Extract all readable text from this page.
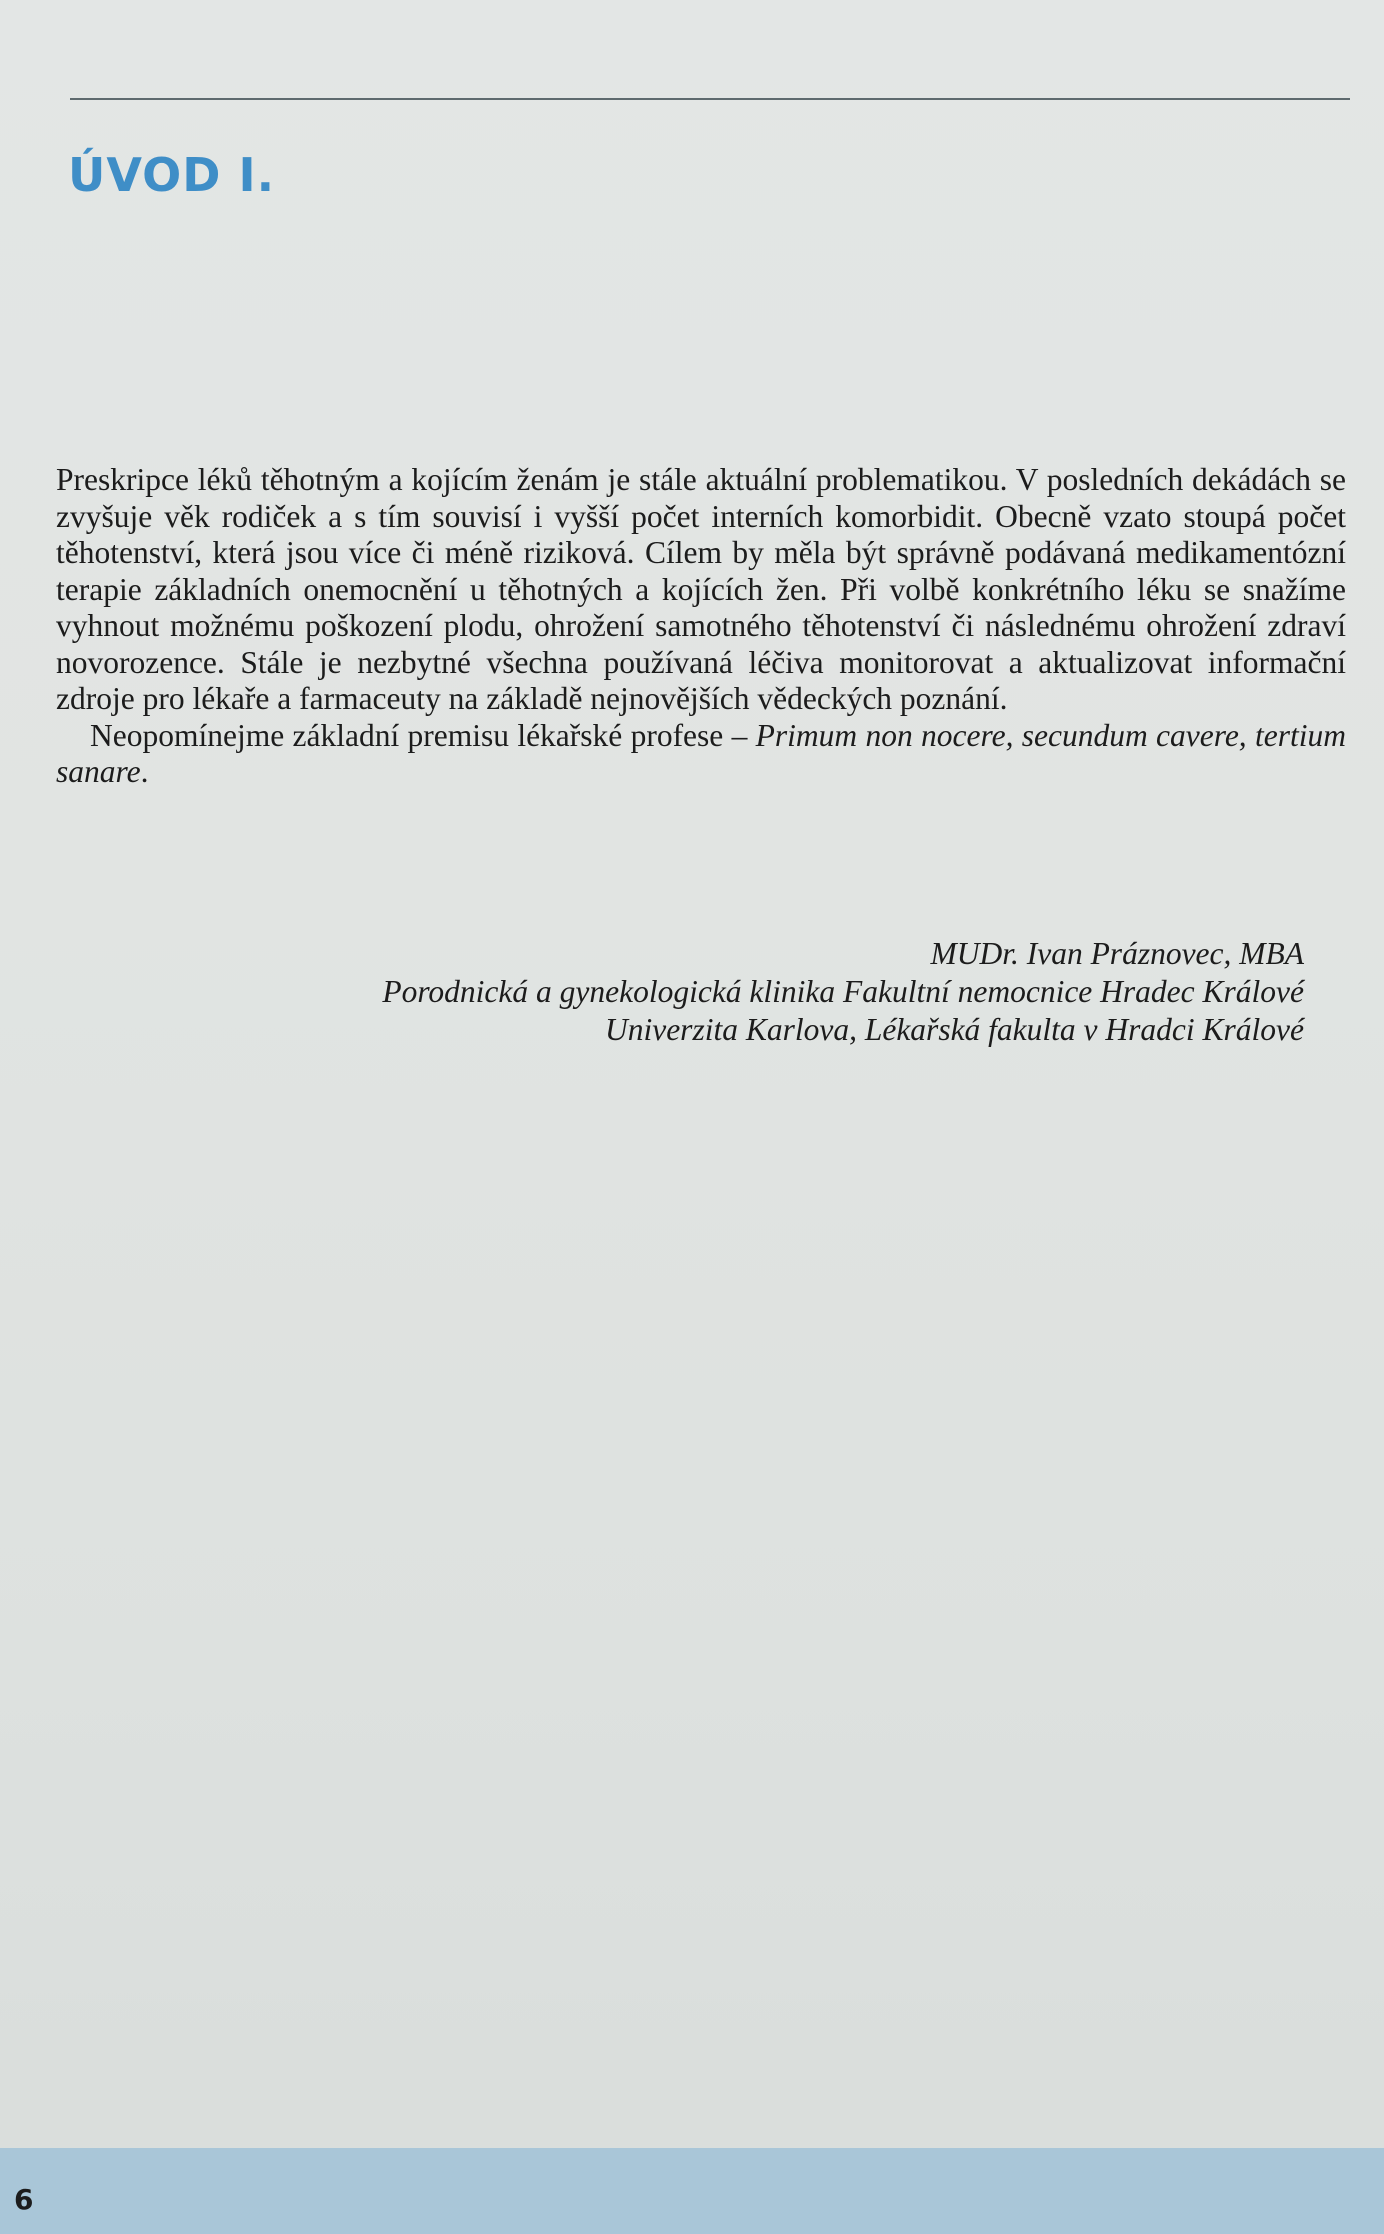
ÚVOD I.

Preskripce léků těhotným a kojícím ženám je stále aktuální problematikou. V posledních dekádách se zvyšuje věk rodiček a s tím souvisí i vyšší počet interních komorbidit. Obecně vzato stoupá počet těhotenství, která jsou více či méně riziková. Cílem by měla být správně podávaná medikamentózní terapie základních onemocnění u těhotných a kojících žen. Při volbě konkrétního léku se snažíme vyhnout možnému poškození plodu, ohrožení samotného těhotenství či následnému ohrožení zdraví novorozence. Stále je nezbytné všechna používaná léčiva monitorovat a aktualizovat informační zdroje pro lékaře a farmaceuty na základě nejnovějších vědeckých poznání.

Neopomínejme základní premisu lékařské profese – Primum non nocere, secundum cavere, tertium sanare.

MUDr. Ivan Práznovec, MBA
Porodnická a gynekologická klinika Fakultní nemocnice Hradec Králové
Univerzita Karlova, Lékařská fakulta v Hradci Králové
6
